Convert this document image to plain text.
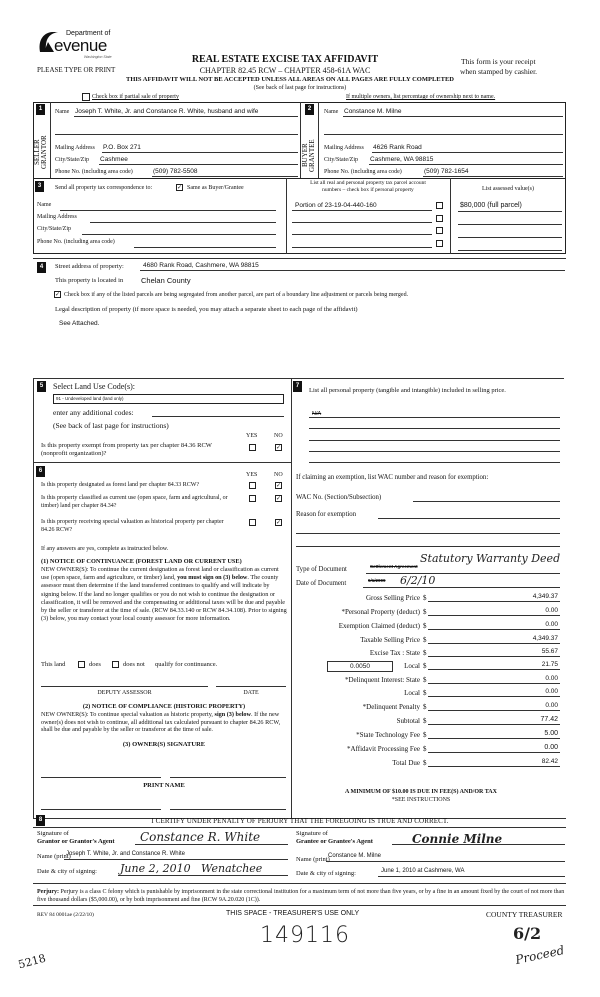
Department of
evenue
Washington State
PLEASE TYPE OR PRINT
REAL ESTATE EXCISE TAX AFFIDAVIT
CHAPTER 82.45 RCW – CHAPTER 458-61A WAC
This form is your receipt
when stamped by cashier.
THIS AFFIDAVIT WILL NOT BE ACCEPTED UNLESS ALL AREAS ON ALL PAGES ARE FULLY COMPLETED
(See back of last page for instructions)
Check box if partial sale of property	If multiple owners, list percentage of ownership next to name.
1
SELLER
GRANTOR
Name Joseph T. White, Jr. and Constance R. White, husband and wife
Mailing Address P.O. Box 271
City/State/Zip Cashmee
Phone No. (including area code)	(509) 782-5508
2
BUYER
GRANTEE
Name Constance M. Milne
Mailing Address 4626 Rank Road
City/State/Zip Cashmere, WA 98815
Phone No. (including area code)	(509) 782-1654
3	Send all property tax correspondence to:	✓ Same as Buyer/Grantee
Name
Mailing Address
City/State/Zip
Phone No. (including area code)
List all real and personal property tax parcel account
numbers – check box if personal property	List assessed value(s)
Portion of 23-19-04-440-160	$80,000 (full parcel)
4	Street address of property:	4680 Rank Road, Cashmere, WA 98815
This property is located in Chelan County
✓ Check box if any of the listed parcels are being segregated from another parcel, are part of a boundary line adjustment or parcels being merged.
Legal description of property (if more space is needed, you may attach a separate sheet to each page of the affidavit)
See Attached.
5	Select Land Use Code(s):
91 - Undeveloped land (land only)
enter any additional codes:
(See back of last page for instructions)
YES	NO
Is this property exempt from property tax per chapter 84.36 RCW (nonprofit organization)?
✓
6
YES	NO
Is this property designated as forest land per chapter 84.33 RCW?	✓
Is this property classified as current use (open space, farm and agricultural, or timber) land per chapter 84.34?
✓
Is this property receiving special valuation as historical property per chapter 84.26 RCW?
✓
If any answers are yes, complete as instructed below.
(1) NOTICE OF CONTINUANCE (FOREST LAND OR CURRENT USE)
NEW OWNER(S): To continue the current designation as forest land or classification as current use (open space, farm and agriculture, or timber) land, you must sign on (3) below. The county assessor must then determine if the land transferred continues to qualify and will indicate by signing below. If the land no longer qualifies or you do not wish to continue the designation or classification, it will be removed and the compensating or additional taxes will be due and payable by the seller or transferor at the time of sale. (RCW 84.33.140 or RCW 84.34.108). Prior to signing (3) below, you may contact your local county assessor for more information.
This land	does	does not qualify for continuance.
DEPUTY ASSESSOR	DATE
(2) NOTICE OF COMPLIANCE (HISTORIC PROPERTY)
NEW OWNER(S): To continue special valuation as historic property, sign (3) below. If the new owner(s) does not wish to continue, all additional tax calculated pursuant to chapter 84.26 RCW, shall be due and payable by the seller or transferor at the time of sale.
(3) OWNER(S) SIGNATURE
PRINT NAME
7
List all personal property (tangible and intangible) included in selling price.
N/A
If claiming an exemption, list WAC number and reason for exemption:
WAC No. (Section/Subsection)
Reason for exemption
Type of Document	Settlement Agreement
Statutory Warranty Deed
Date of Document	9/1/2009 6/2/10
Gross Selling Price $	4,349.37
*Personal Property (deduct) $	0.00
Exemption Claimed (deduct) $	0.00
Taxable Selling Price $	4,349.37
Excise Tax : State $	55.67
0.0050	Local $	21.75
*Delinquent Interest: State $	0.00
Local $	0.00
*Delinquent Penalty $	0.00
Subtotal $	77.42
*State Technology Fee $	5.00
*Affidavit Processing Fee $	0.00
Total Due $	82.42
A MINIMUM OF $10.00 IS DUE IN FEE(S) AND/OR TAX
*SEE INSTRUCTIONS
8	I CERTIFY UNDER PENALTY OF PERJURY THAT THE FOREGOING IS TRUE AND CORRECT.
Signature of
Grantor or Grantor's Agent Constance R. White
Name (print)
Joseph T. White, Jr. and Constance R. White
Date & city of signing: June 2, 2010   Wenatchee
Signature of
Grantee or Grantee's Agent	Connie Milne
Name (print)
Constance M. Milne
Date & city of signing:	June 1, 2010 at Cashmere, WA
Perjury: Perjury is a class C felony which is punishable by imprisonment in the state correctional institution for a maximum term of not more than five years, or by a fine in an amount fixed by the court of not more than five thousand dollars ($5,000.00), or by both imprisonment and fine (RCW 9A.20.020 (1C)).
REV 84 0001ae (2/22/10)	THIS SPACE - TREASURER'S USE ONLY	COUNTY TREASURER
149116
5218
6/2
Proceed
